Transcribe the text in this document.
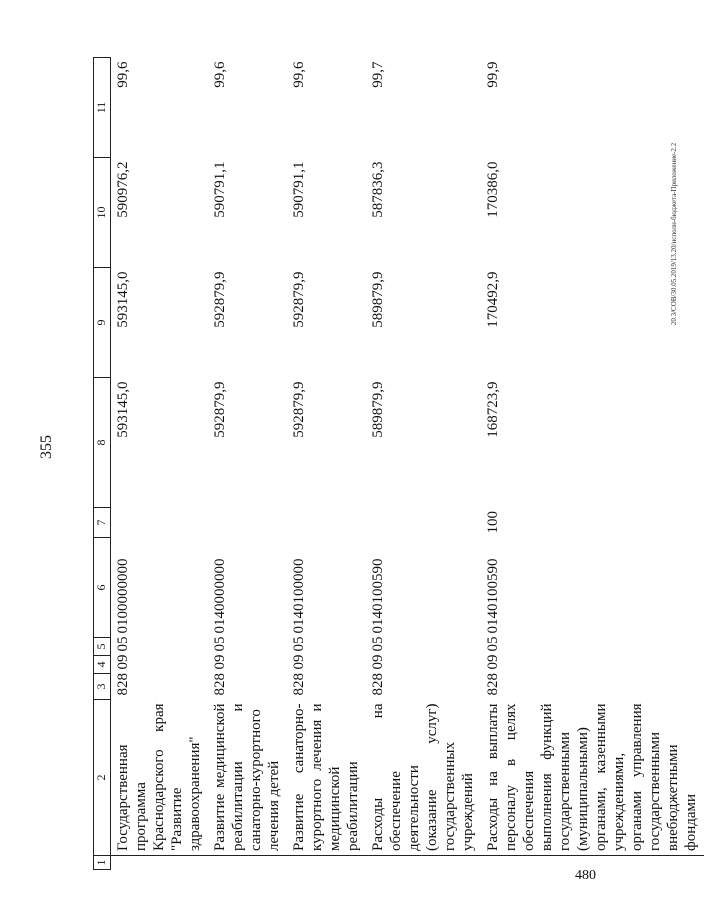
355
480
20.3/СОВ/30.05.2019/13.20/исполн-бюджета-Приложение-2.2
1	2	3	4	5	6	7	8	9	10	11
	Государственная программа Краснодарского края "Развитие здравоохранения"	828	09	05	0100000000		593145,0	593145,0	590976,2	99,6
	Развитие медицинской реабилитации и санаторно-курортного лечения детей	828	09	05	0140000000		592879,9	592879,9	590791,1	99,6
	Развитие санаторно-курортного лечения и медицинской реабилитации	828	09	05	0140100000		592879,9	592879,9	590791,1	99,6
	Расходы на обеспечение деятельности (оказание услуг) государственных учреждений	828	09	05	0140100590		589879,9	589879,9	587836,3	99,7
	Расходы на выплаты персоналу в целях обеспечения выполнения функций государственными (муниципальными) органами, казенными учреждениями, органами управления государственными внебюджетными фондами	828	09	05	0140100590	100	168723,9	170492,9	170386,0	99,9
